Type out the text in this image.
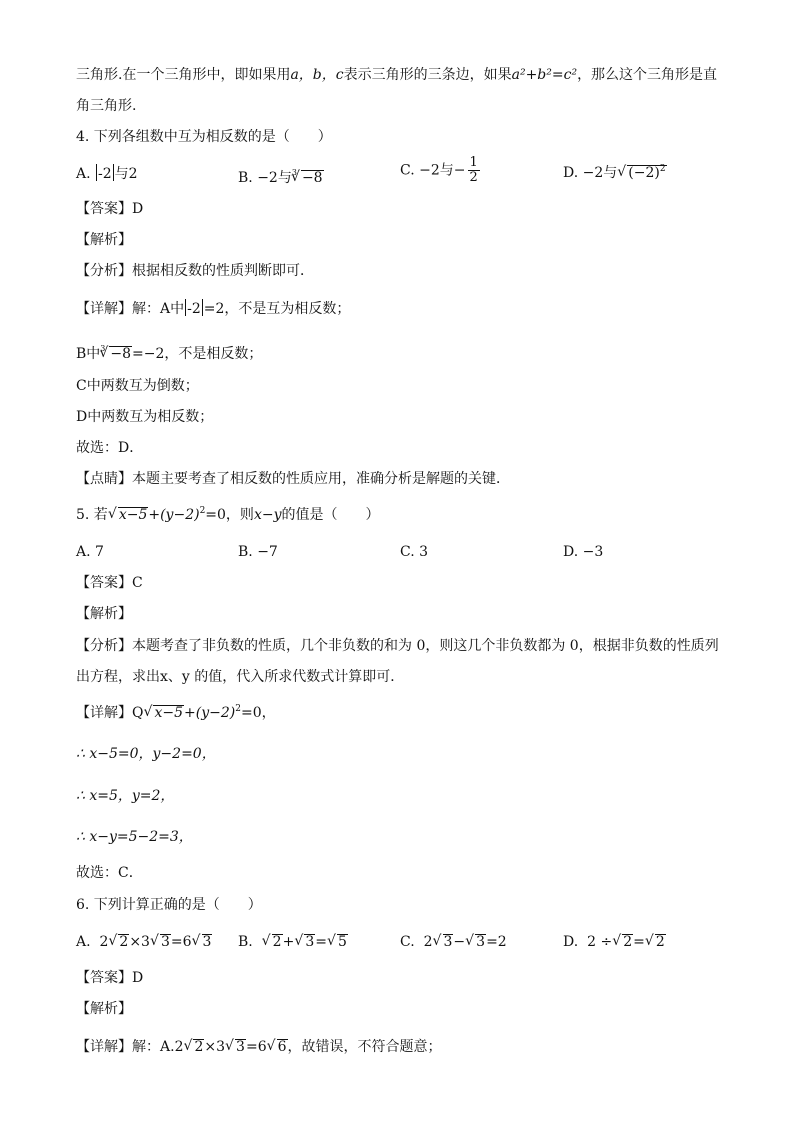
三角形.在一个三角形中，即如果用a，b，c表示三角形的三条边，如果a²+b²=c²，那么这个三角形是直
角三角形.
4. 下列各组数中互为相反数的是（　　）
A. -2 与2	B. −2与$^3$ √ −8	C. −2与− $\frac{1}{2}$	D. −2与 √ $(-2)^2$
【答案】D
【解析】
【分析】根据相反数的性质判断即可．
【详解】解：A中 -2 =2，不是互为相反数；
B中$^3$ √ −8=−2，不是相反数；
C中两数互为倒数；
D中两数互为相反数；
故选：D．
【点睛】本题主要考查了相反数的性质应用，准确分析是解题的关键．
5. 若 √ $x-5+(y-2)^2=0$，则x−y的值是（　　）
A. 7	B. −7	C. 3	D. −3
【答案】C
【解析】
【分析】本题考查了非负数的性质，几个非负数的和为 0，则这几个非负数都为 0，根据非负数的性质列
出方程，求出x、y 的值，代入所求代数式计算即可．
【详解】Q √ $x-5+(y-2)^2=0$，
∴ x−5=0，y−2=0，
∴ x=5，y=2，
∴ x−y=5−2=3，
故选：C．
6. 下列计算正确的是（　　）
A. 2 √ 2×3 √ 3=6 √ 3 B. √ 2+ √ 3= √ 5	C. 2 √ 3− √ 3=2	D. 2 ÷ √ 2= √ 2
【答案】D
【解析】
【详解】解：A.2 √ 2×3 √ 3=6 √ 6，故错误，不符合题意；
